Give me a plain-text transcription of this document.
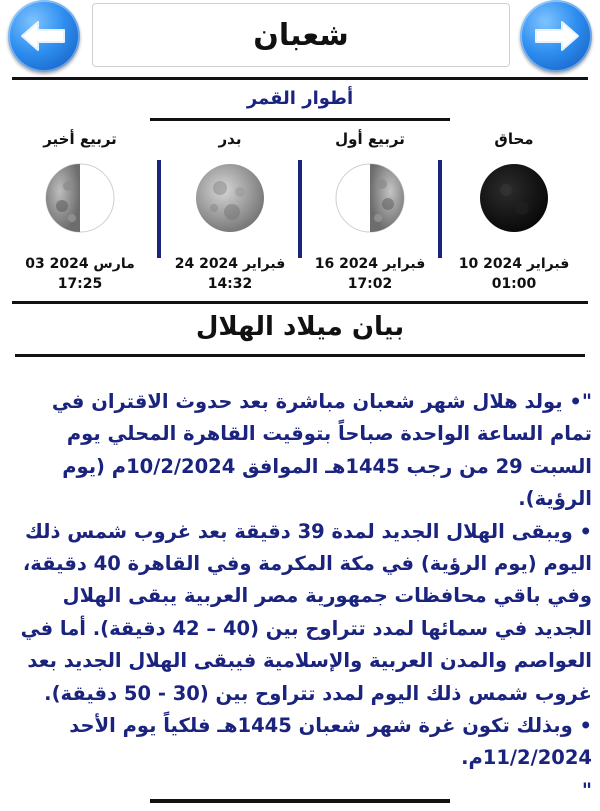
شعبان
أطوار القمر
تربيع أخير
03 مارس 2024
17:25
بدر
24 فبراير 2024
14:32
تربيع أول
16 فبراير 2024
17:02
محاق
10 فبراير 2024
01:00
بيان ميلاد الهلال

"• يولد هلال شهر شعبان مباشرة بعد حدوث الاقتران في تمام الساعة الواحدة صباحاً بتوقيت القاهرة المحلي يوم السبت 29 من رجب 1445هـ الموافق 10/2/2024م (يوم الرؤية).

• ويبقى الهلال الجديد لمدة 39 دقيقة بعد غروب شمس ذلك اليوم (يوم الرؤية) في مكة المكرمة وفي القاهرة 40 دقيقة، وفي باقي محافظات جمهورية مصر العربية يبقى الهلال الجديد في سمائها لمدد تتراوح بين (40 – 42 دقيقة). أما في العواصم والمدن العربية والإسلامية فيبقى الهلال الجديد بعد غروب شمس ذلك اليوم لمدد تتراوح بين (30 - 50 دقيقة).

• وبذلك تكون غرة شهر شعبان 1445هـ فلكياً يوم الأحد 11/2/2024م.

"
